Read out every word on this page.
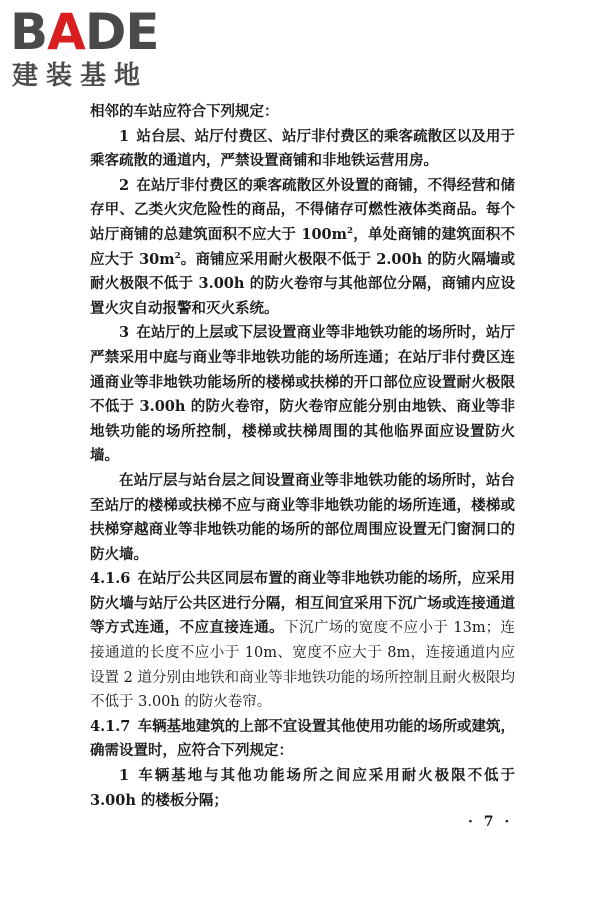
BADE
建装基地

相邻的车站应符合下列规定：

1 站台层、站厅付费区、站厅非付费区的乘客疏散区以及用于乘客疏散的通道内，严禁设置商铺和非地铁运营用房。

2 在站厅非付费区的乘客疏散区外设置的商铺，不得经营和储存甲、乙类火灾危险性的商品，不得储存可燃性液体类商品。每个站厅商铺的总建筑面积不应大于 $100m^2$，单处商铺的建筑面积不应大于 $30m^2$。商铺应采用耐火极限不低于 2.00h 的防火隔墙或耐火极限不低于 3.00h 的防火卷帘与其他部位分隔，商铺内应设置火灾自动报警和灭火系统。

3 在站厅的上层或下层设置商业等非地铁功能的场所时，站厅严禁采用中庭与商业等非地铁功能的场所连通；在站厅非付费区连通商业等非地铁功能场所的楼梯或扶梯的开口部位应设置耐火极限不低于 3.00h 的防火卷帘，防火卷帘应能分别由地铁、商业等非地铁功能的场所控制，楼梯或扶梯周围的其他临界面应设置防火墙。

在站厅层与站台层之间设置商业等非地铁功能的场所时，站台至站厅的楼梯或扶梯不应与商业等非地铁功能的场所连通，楼梯或扶梯穿越商业等非地铁功能的场所的部位周围应设置无门窗洞口的防火墙。

4.1.6 在站厅公共区同层布置的商业等非地铁功能的场所，应采用防火墙与站厅公共区进行分隔，相互间宜采用下沉广场或连接通道等方式连通，不应直接连通。下沉广场的宽度不应小于 13m；连接通道的长度不应小于 10m、宽度不应大于 8m，连接通道内应设置 2 道分别由地铁和商业等非地铁功能的场所控制且耐火极限均不低于 3.00h 的防火卷帘。

4.1.7 车辆基地建筑的上部不宜设置其他使用功能的场所或建筑，确需设置时，应符合下列规定：

1 车辆基地与其他功能场所之间应采用耐火极限不低于 3.00h 的楼板分隔；

· 7 ·
